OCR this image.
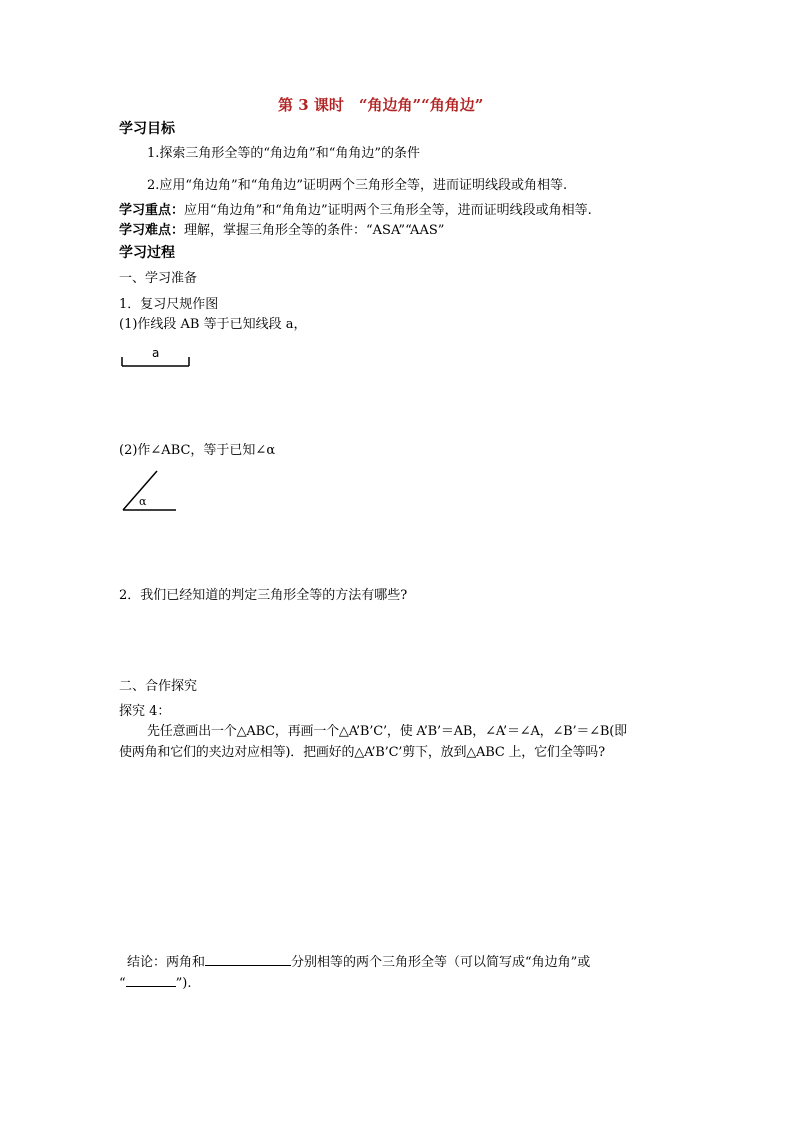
第 3 课时　“角边角”“角角边”
学习目标
1.探索三角形全等的“角边角”和“角角边”的条件
2.应用“角边角”和“角角边”证明两个三角形全等，进而证明线段或角相等.
学习重点：应用“角边角”和“角角边”证明两个三角形全等，进而证明线段或角相等.
学习难点：理解，掌握三角形全等的条件：“ASA”“AAS”
学习过程
一、学习准备
1．复习尺规作图
(1)作线段 AB 等于已知线段 a，
a
(2)作∠ABC，等于已知∠α
α
2．我们已经知道的判定三角形全等的方法有哪些?
二、合作探究
探究 4：
先任意画出一个△ABC，再画一个△A’B’C’，使 A’B’＝AB，∠A’＝∠A，∠B’＝∠B(即
使两角和它们的夹边对应相等)．把画好的△A’B’C’剪下，放到△ABC 上，它们全等吗?
结论：两角和	分别相等的两个三角形全等（可以简写成“角边角”或
“	”).
